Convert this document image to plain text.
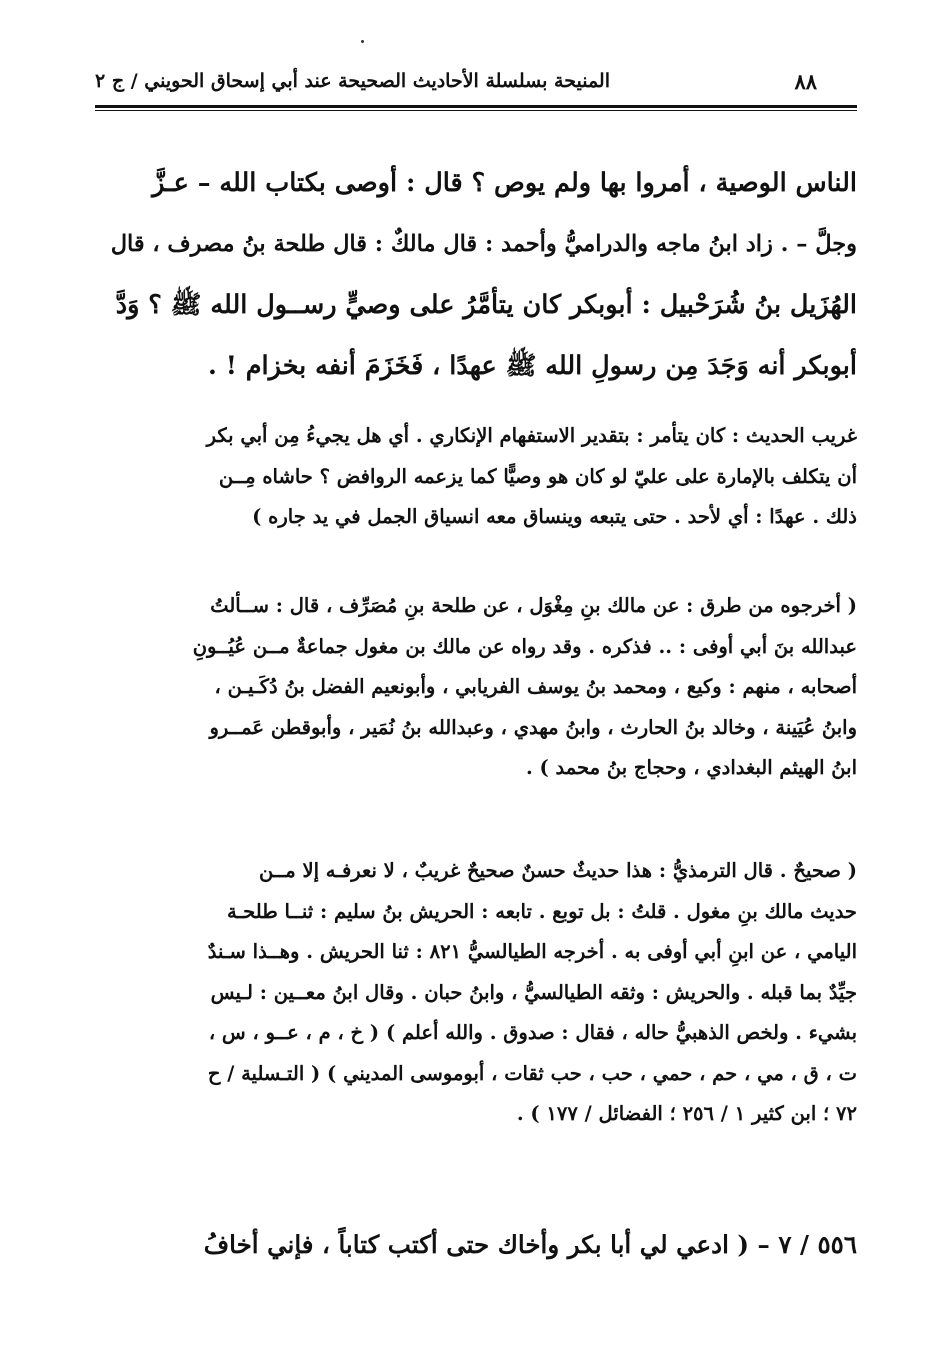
٨٨
المنيحة بسلسلة الأحاديث الصحيحة عند أبي إسحاق الحويني / ج ٢
الناس الوصية ، أمروا بها ولم يوص ؟ قال : أوصى بكتاب الله – عـزَّ
وجلَّ – . زاد ابنُ ماجه والدراميُّ وأحمد : قال مالكٌ : قال طلحة بنُ مصرف ، قال
الهُزَيل بنُ شُرَحْبيل : أبوبكر كان يتأمَّرُ على وصيٍّ رســول الله ﷺ ؟ وَدَّ
أبوبكر أنه وَجَدَ مِن رسولِ الله ﷺ عهدًا ، فَخَزَمَ أنفه بخزام ! .
غريب الحديث : كان يتأمر : بتقدير الاستفهام الإنكاري . أي هل يجيءُ مِن أبي بكر
أن يتكلف بالإمارة على عليّ لو كان هو وصيًّا كما يزعمه الروافض ؟ حاشاه مِــن
ذلك . عهدًا : أي لأحد . حتى يتبعه وينساق معه انسياق الجمل في يد جاره )
( أخرجوه من طرق : عن مالك بنِ مِغْوَل ، عن طلحة بنِ مُصَرِّف ، قال : ســألتُ
عبدالله بنَ أبي أوفى : .. فذكره . وقد رواه عن مالك بن مغول جماعةٌ مــن عُيُــونِ
أصحابه ، منهم : وكيع ، ومحمد بنُ يوسف الفريابي ، وأبونعيم الفضل بنُ دُكَـيـن ،
وابنُ عُيَينة ، وخالد بنُ الحارث ، وابنُ مهدي ، وعبدالله بنُ نُمَير ، وأبوقطن عَمــرو
ابنُ الهيثم البغدادي ، وحجاج بنُ محمد ) .
( صحيحٌ . قال الترمذيُّ : هذا حديثٌ حسنٌ صحيحٌ غريبٌ ، لا نعرفـه إلا مــن
حديث مالك بنِ مغول . قلتُ : بل توبع . تابعه : الحريش بنُ سليم : ثنــا طلحـة
اليامي ، عن ابنِ أبي أوفى به . أخرجه الطيالسيُّ ٨٢١ : ثنا الحريش . وهــذا سـندٌ
جيِّدٌ بما قبله . والحريش : وثقه الطيالسيُّ ، وابنُ حبان . وقال ابنُ معــين : لـيس
بشيء . ولخص الذهبيُّ حاله ، فقال : صدوق . والله أعلم ) ( خ ، م ، عــو ، س ،
ت ، ق ، مي ، حم ، حمي ، حب ، حب ثقات ، أبوموسى المديني ) ( التـسلية / ح
٧٢ ؛ ابن كثير ١ / ٢٥٦ ؛ الفضائل / ١٧٧ ) .
٥٥٦ / ٧ – ( ادعي لي أبا بكر وأخاك حتى أكتب كتاباً ، فإني أخافُ
